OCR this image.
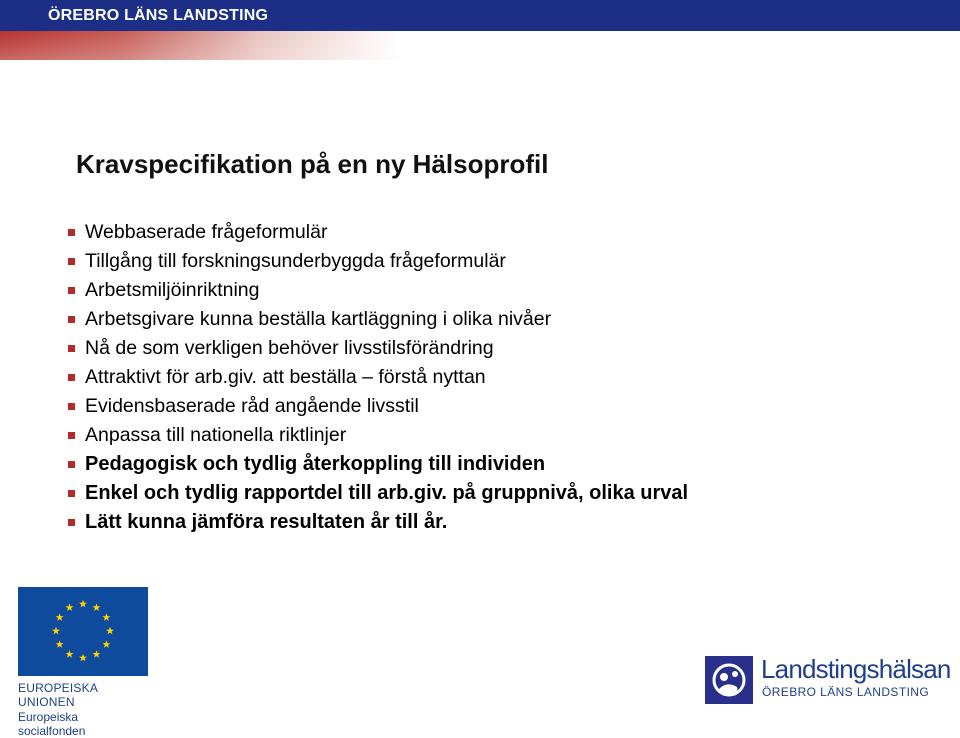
ÖREBRO LÄNS LANDSTING
Kravspecifikation på en ny Hälsoprofil
Webbaserade frågeformulär
Tillgång till forskningsunderbyggda frågeformulär
Arbetsmiljöinriktning
Arbetsgivare kunna beställa kartläggning i olika nivåer
Nå de som verkligen behöver livsstilsförändring
Attraktivt för arb.giv. att beställa – förstå nyttan
Evidensbaserade råd angående livsstil
Anpassa till nationella riktlinjer
Pedagogisk och tydlig återkoppling till individen
Enkel och tydlig rapportdel till arb.giv. på gruppnivå, olika urval
Lätt kunna jämföra resultaten år till år.
EUROPEISKA UNIONEN
Europeiska socialfonden
Landstingshälsan
ÖREBRO LÄNS LANDSTING
